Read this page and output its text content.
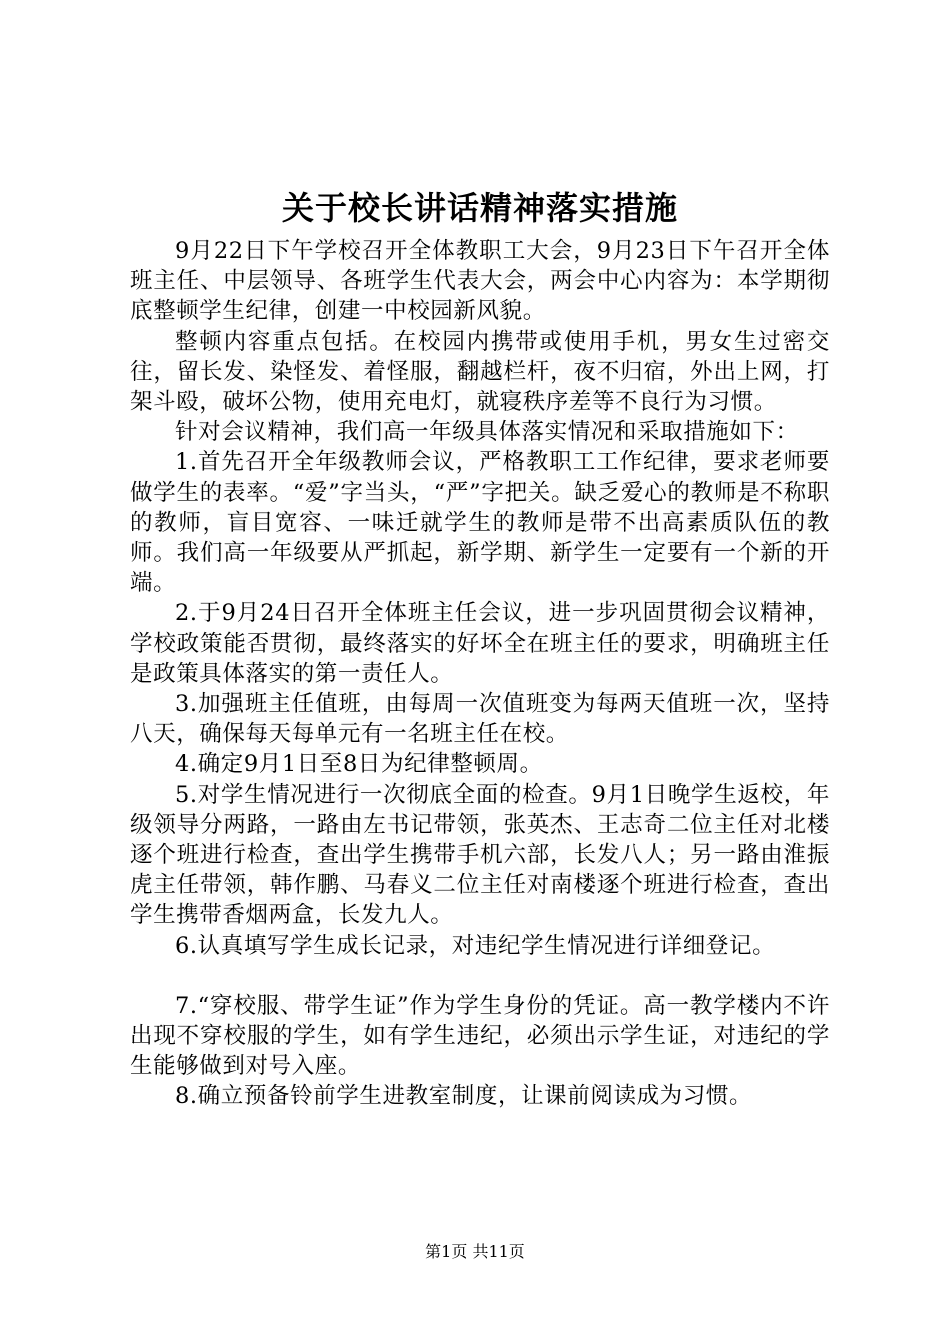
关于校长讲话精神落实措施

9月22日下午学校召开全体教职工大会，9月23日下午召开全体班主任、中层领导、各班学生代表大会，两会中心内容为：本学期彻底整顿学生纪律，创建一中校园新风貌。

整顿内容重点包括。在校园内携带或使用手机，男女生过密交往，留长发、染怪发、着怪服，翻越栏杆，夜不归宿，外出上网，打架斗殴，破坏公物，使用充电灯，就寝秩序差等不良行为习惯。

针对会议精神，我们高一年级具体落实情况和采取措施如下：

1.首先召开全年级教师会议，严格教职工工作纪律，要求老师要做学生的表率。“爱”字当头，“严”字把关。缺乏爱心的教师是不称职的教师，盲目宽容、一味迁就学生的教师是带不出高素质队伍的教师。我们高一年级要从严抓起，新学期、新学生一定要有一个新的开端。

2.于9月24日召开全体班主任会议，进一步巩固贯彻会议精神，学校政策能否贯彻，最终落实的好坏全在班主任的要求，明确班主任是政策具体落实的第一责任人。

3.加强班主任值班，由每周一次值班变为每两天值班一次，坚持八天，确保每天每单元有一名班主任在校。

4.确定9月1日至8日为纪律整顿周。

5.对学生情况进行一次彻底全面的检查。9月1日晚学生返校，年级领导分两路，一路由左书记带领，张英杰、王志奇二位主任对北楼逐个班进行检查，查出学生携带手机六部，长发八人；另一路由淮振虎主任带领，韩作鹏、马春义二位主任对南楼逐个班进行检查，查出学生携带香烟两盒，长发九人。

6.认真填写学生成长记录，对违纪学生情况进行详细登记。

7.“穿校服、带学生证”作为学生身份的凭证。高一教学楼内不许出现不穿校服的学生，如有学生违纪，必须出示学生证，对违纪的学生能够做到对号入座。

8.确立预备铃前学生进教室制度，让课前阅读成为习惯。

第1页 共11页
